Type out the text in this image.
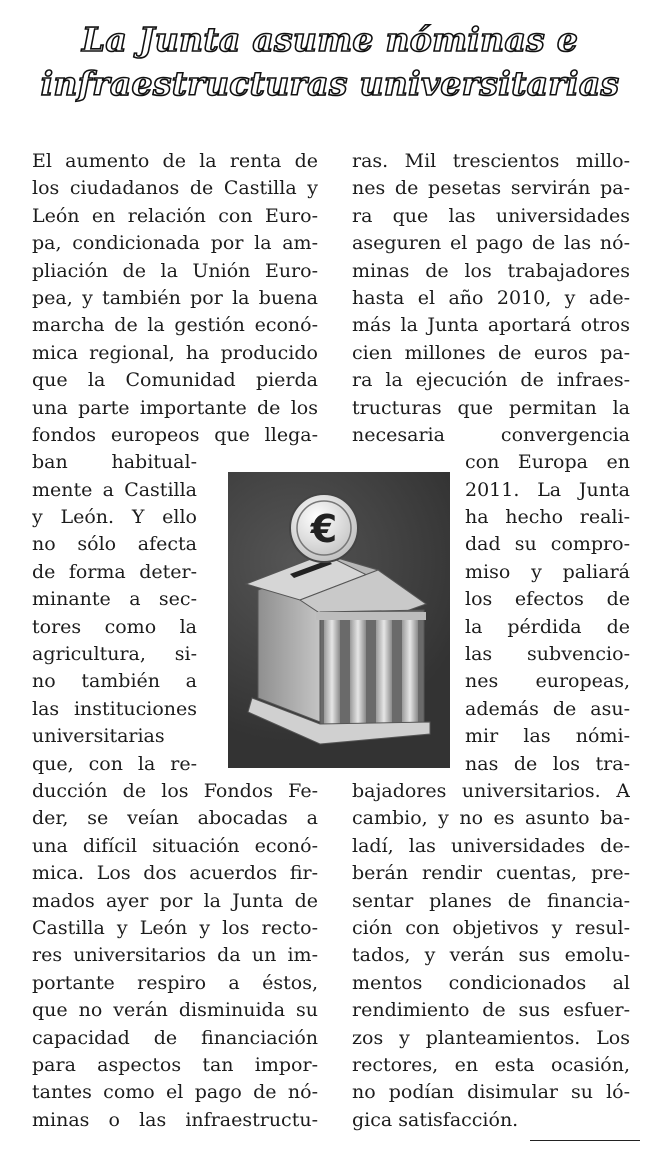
La Junta asume nóminas e
infraestructuras universitarias
El aumento de la renta de
los ciudadanos de Castilla y
León en relación con Euro-
pa, condicionada por la am-
pliación de la Unión Euro-
pea, y también por la buena
marcha de la gestión econó-
mica regional, ha producido
que la Comunidad pierda
una parte importante de los
fondos europeos que llega-
ban habitual-
mente a Castilla
y León. Y ello
no sólo afecta
de forma deter-
minante a sec-
tores como la
agricultura, si-
no también a
las instituciones
universitarias
que, con la re-
ducción de los Fondos Fe-
der, se veían abocadas a
una difícil situación econó-
mica. Los dos acuerdos fir-
mados ayer por la Junta de
Castilla y León y los recto-
res universitarios da un im-
portante respiro a éstos,
que no verán disminuida su
capacidad de financiación
para aspectos tan impor-
tantes como el pago de nó-
minas o las infraestructu-
ras. Mil trescientos millo-
nes de pesetas servirán pa-
ra que las universidades
aseguren el pago de las nó-
minas de los trabajadores
hasta el año 2010, y ade-
más la Junta aportará otros
cien millones de euros pa-
ra la ejecución de infraes-
tructuras que permitan la
necesaria convergencia
con Europa en
2011. La Junta
ha hecho reali-
dad su compro-
miso y paliará
los efectos de
la pérdida de
las subvencio-
nes europeas,
además de asu-
mir las nómi-
nas de los tra-
bajadores universitarios. A
cambio, y no es asunto ba-
ladí, las universidades de-
berán rendir cuentas, pre-
sentar planes de financia-
ción con objetivos y resul-
tados, y verán sus emolu-
mentos condicionados al
rendimiento de sus esfuer-
zos y planteamientos. Los
rectores, en esta ocasión,
no podían disimular su ló-
gica satisfacción.
€
